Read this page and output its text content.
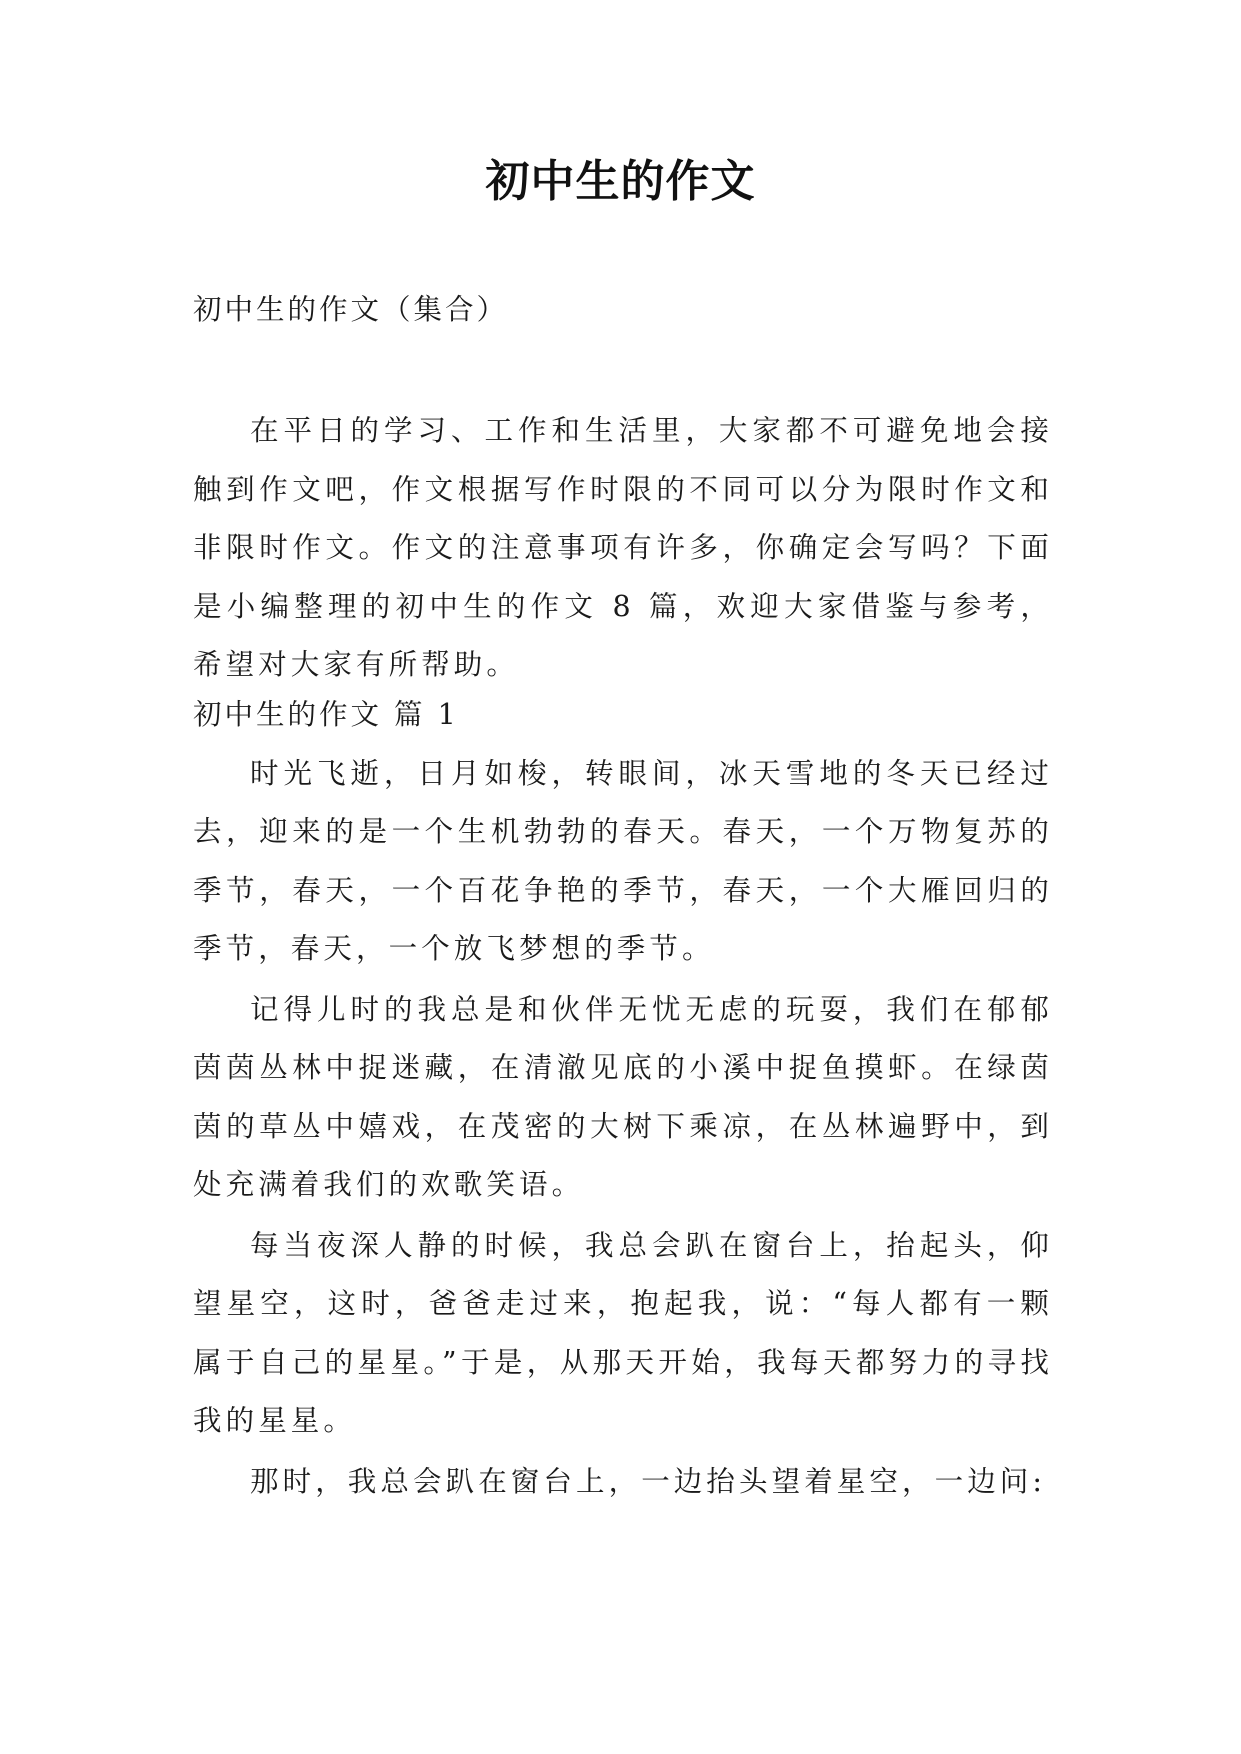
初中生的作文

初中生的作文（集合）

在平日的学习、工作和生活里，大家都不可避免地会接触到作文吧，作文根据写作时限的不同可以分为限时作文和非限时作文。作文的注意事项有许多，你确定会写吗？下面是小编整理的初中生的作文 8 篇，欢迎大家借鉴与参考，希望对大家有所帮助。

初中生的作文 篇 1

时光飞逝，日月如梭，转眼间，冰天雪地的冬天已经过去，迎来的是一个生机勃勃的春天。春天，一个万物复苏的季节，春天，一个百花争艳的季节，春天，一个大雁回归的季节，春天，一个放飞梦想的季节。

记得儿时的我总是和伙伴无忧无虑的玩耍，我们在郁郁茵茵丛林中捉迷藏，在清澈见底的小溪中捉鱼摸虾。在绿茵茵的草丛中嬉戏，在茂密的大树下乘凉，在丛林遍野中，到处充满着我们的欢歌笑语。

每当夜深人静的时候，我总会趴在窗台上，抬起头，仰望星空，这时，爸爸走过来，抱起我，说：“每人都有一颗属于自己的星星。”于是，从那天开始，我每天都努力的寻找我的星星。

那时，我总会趴在窗台上，一边抬头望着星空，一边问:
